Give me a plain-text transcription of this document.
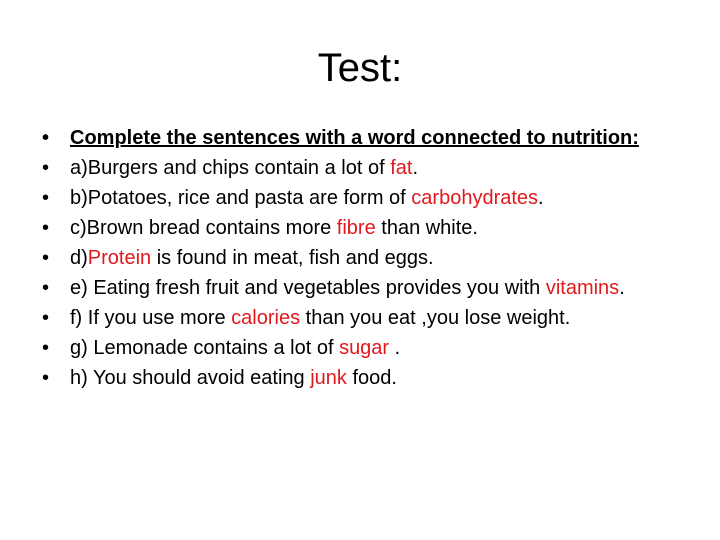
Test:
•	Complete the sentences with a word connected to nutrition:
•	a)Burgers and chips contain a lot of fat.
•	b)Potatoes, rice and pasta are form of carbohydrates.
•	c)Brown bread contains more fibre than white.
•	d)Protein is found in meat, fish and eggs.
•	e) Eating fresh fruit and vegetables provides you with vitamins.
•	f) If you use more calories than you eat ,you lose weight.
•	g) Lemonade contains a lot of sugar .
•	h) You should avoid eating junk food.
